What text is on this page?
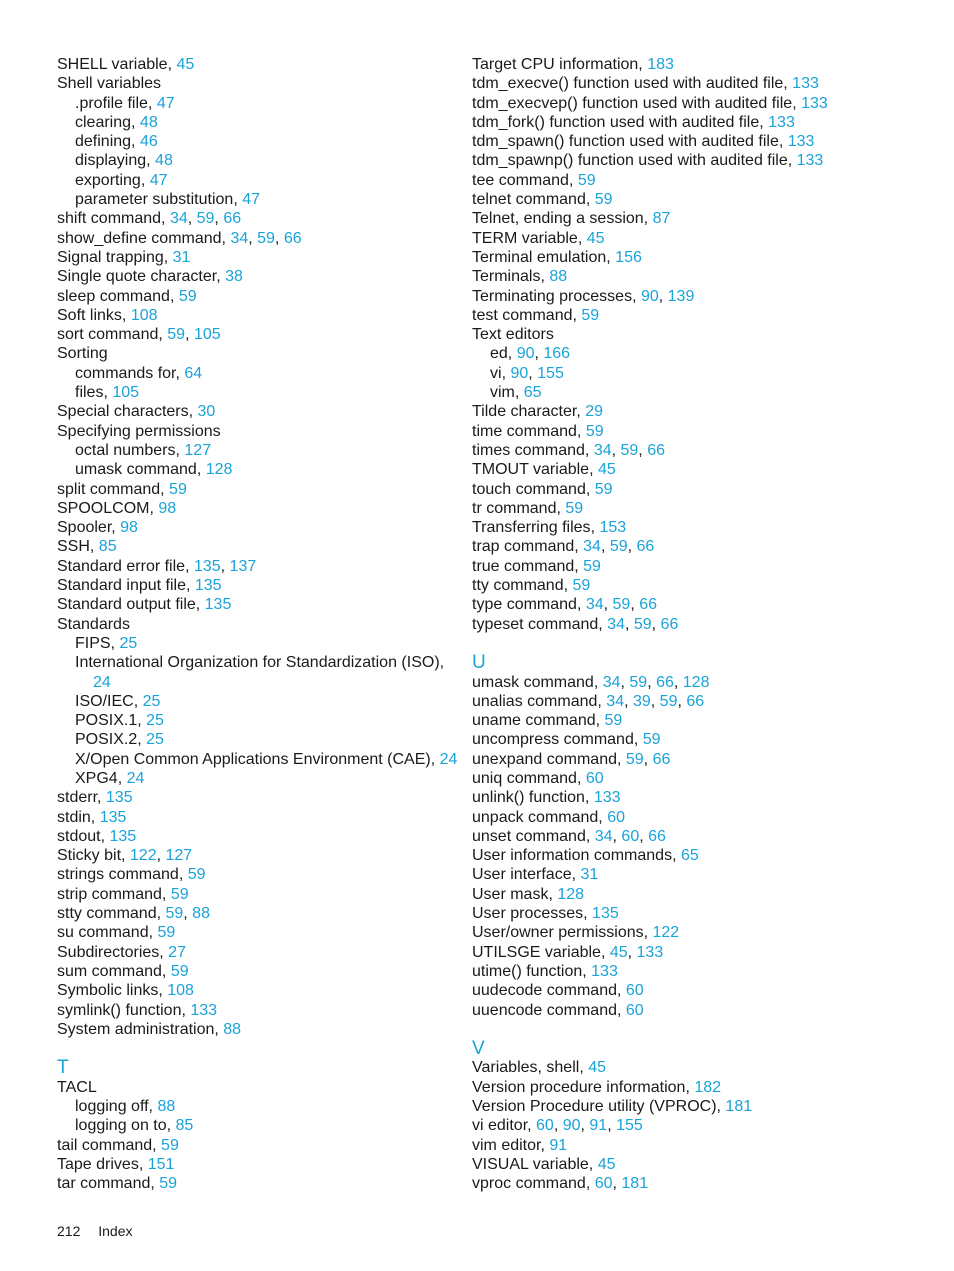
SHELL variable, 45
Shell variables
.profile file, 47
clearing, 48
defining, 46
displaying, 48
exporting, 47
parameter substitution, 47
shift command, 34, 59, 66
show_define command, 34, 59, 66
Signal trapping, 31
Single quote character, 38
sleep command, 59
Soft links, 108
sort command, 59, 105
Sorting
commands for, 64
files, 105
Special characters, 30
Specifying permissions
octal numbers, 127
umask command, 128
split command, 59
SPOOLCOM, 98
Spooler, 98
SSH, 85
Standard error file, 135, 137
Standard input file, 135
Standard output file, 135
Standards
FIPS, 25
International Organization for Standardization (ISO),
24
ISO/IEC, 25
POSIX.1, 25
POSIX.2, 25
X/Open Common Applications Environment (CAE), 24
XPG4, 24
stderr, 135
stdin, 135
stdout, 135
Sticky bit, 122, 127
strings command, 59
strip command, 59
stty command, 59, 88
su command, 59
Subdirectories, 27
sum command, 59
Symbolic links, 108
symlink() function, 133
System administration, 88
T
TACL
logging off, 88
logging on to, 85
tail command, 59
Tape drives, 151
tar command, 59
Target CPU information, 183
tdm_execve() function used with audited file, 133
tdm_execvep() function used with audited file, 133
tdm_fork() function used with audited file, 133
tdm_spawn() function used with audited file, 133
tdm_spawnp() function used with audited file, 133
tee command, 59
telnet command, 59
Telnet, ending a session, 87
TERM variable, 45
Terminal emulation, 156
Terminals, 88
Terminating processes, 90, 139
test command, 59
Text editors
ed, 90, 166
vi, 90, 155
vim, 65
Tilde character, 29
time command, 59
times command, 34, 59, 66
TMOUT variable, 45
touch command, 59
tr command, 59
Transferring files, 153
trap command, 34, 59, 66
true command, 59
tty command, 59
type command, 34, 59, 66
typeset command, 34, 59, 66
U
umask command, 34, 59, 66, 128
unalias command, 34, 39, 59, 66
uname command, 59
uncompress command, 59
unexpand command, 59, 66
uniq command, 60
unlink() function, 133
unpack command, 60
unset command, 34, 60, 66
User information commands, 65
User interface, 31
User mask, 128
User processes, 135
User/owner permissions, 122
UTILSGE variable, 45, 133
utime() function, 133
uudecode command, 60
uuencode command, 60
V
Variables, shell, 45
Version procedure information, 182
Version Procedure utility (VPROC), 181
vi editor, 60, 90, 91, 155
vim editor, 91
VISUAL variable, 45
vproc command, 60, 181
212 Index
